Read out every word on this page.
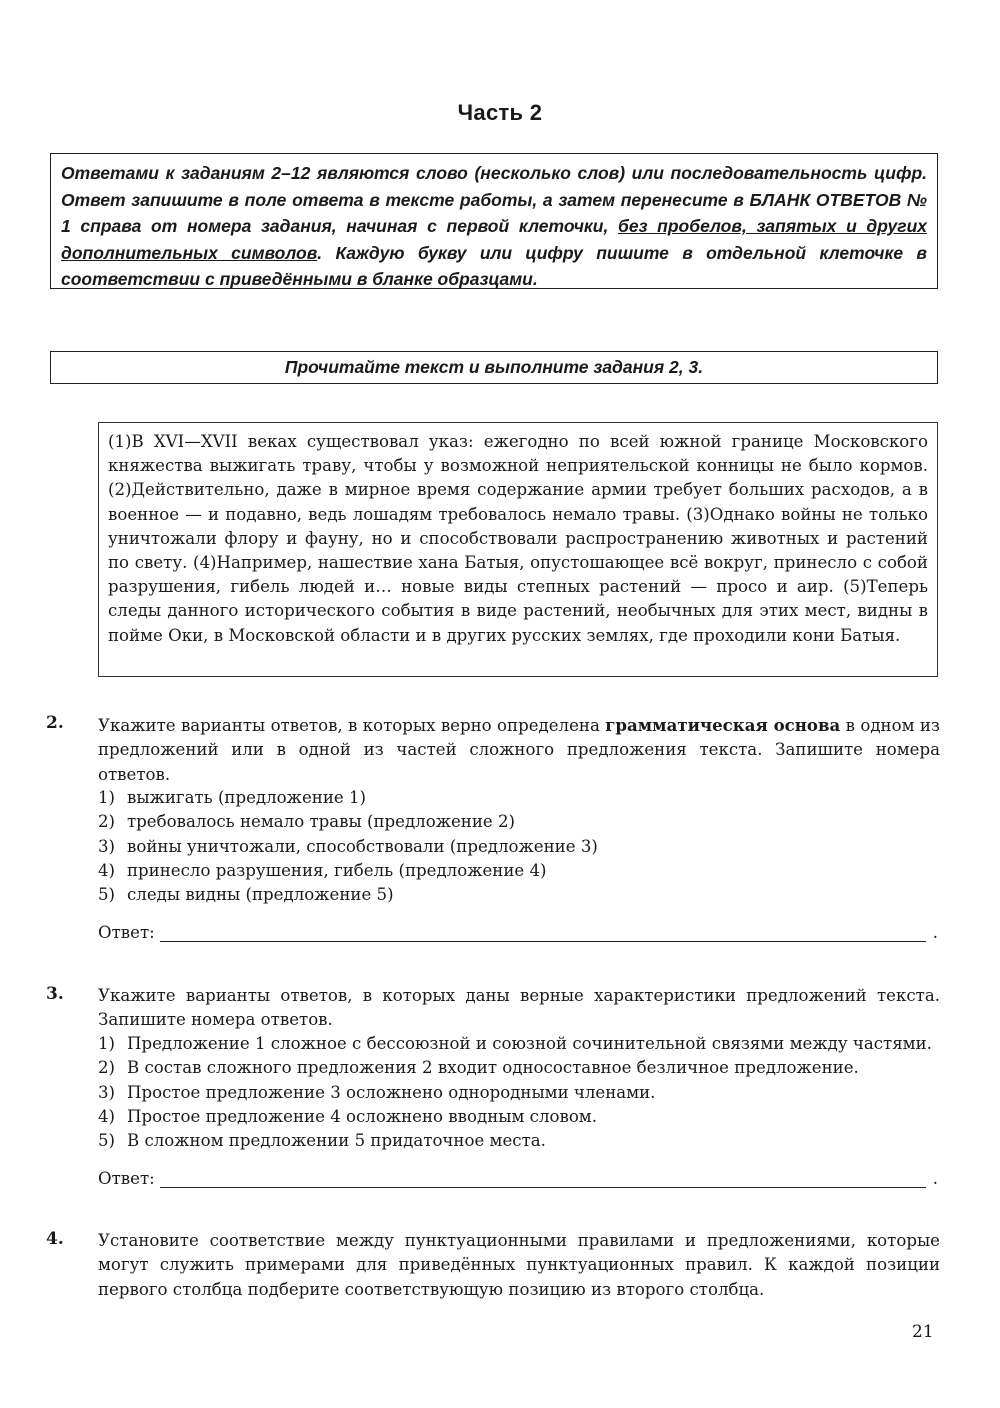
Часть 2
Ответами к заданиям 2–12 являются слово (несколько слов) или последовательность цифр. Ответ запишите в поле ответа в тексте работы, а затем перенесите в БЛАНК ОТВЕТОВ № 1 справа от номера задания, начиная с первой клеточки, без пробелов, запятых и других дополнительных символов. Каждую букву или цифру пишите в отдельной клеточке в соответствии с приведёнными в бланке образцами.
Прочитайте текст и выполните задания 2, 3.
(1)В XVI—XVII веках существовал указ: ежегодно по всей южной границе Московского княжества выжигать траву, чтобы у возможной неприятельской конницы не было кормов. (2)Действительно, даже в мирное время содержание армии требует больших расходов, а в военное — и подавно, ведь лошадям требовалось немало травы. (3)Однако войны не только уничтожали флору и фауну, но и способствовали распространению животных и растений по свету. (4)Например, нашествие хана Батыя, опустошающее всё вокруг, принесло с собой разрушения, гибель людей и… новые виды степных растений — просо и аир. (5)Теперь следы данного исторического события в виде растений, необычных для этих мест, видны в пойме Оки, в Московской области и в других русских землях, где проходили кони Батыя.
2. Укажите варианты ответов, в которых верно определена грамматическая основа в одном из предложений или в одной из частей сложного предложения текста. Запишите номера ответов.
1) выжигать (предложение 1)
2) требовалось немало травы (предложение 2)
3) войны уничтожали, способствовали (предложение 3)
4) принесло разрушения, гибель (предложение 4)
5) следы видны (предложение 5)
Ответ:	.
3. Укажите варианты ответов, в которых даны верные характеристики предложений текста. Запишите номера ответов.
1) Предложение 1 сложное с бессоюзной и союзной сочинительной связями между частями.
2) В состав сложного предложения 2 входит односоставное безличное предложение.
3) Простое предложение 3 осложнено однородными членами.
4) Простое предложение 4 осложнено вводным словом.
5) В сложном предложении 5 придаточное места.
Ответ:	.
4. Установите соответствие между пунктуационными правилами и предложениями, которые могут служить примерами для приведённых пунктуационных правил. К каждой позиции первого столбца подберите соответствующую позицию из второго столбца.
21
